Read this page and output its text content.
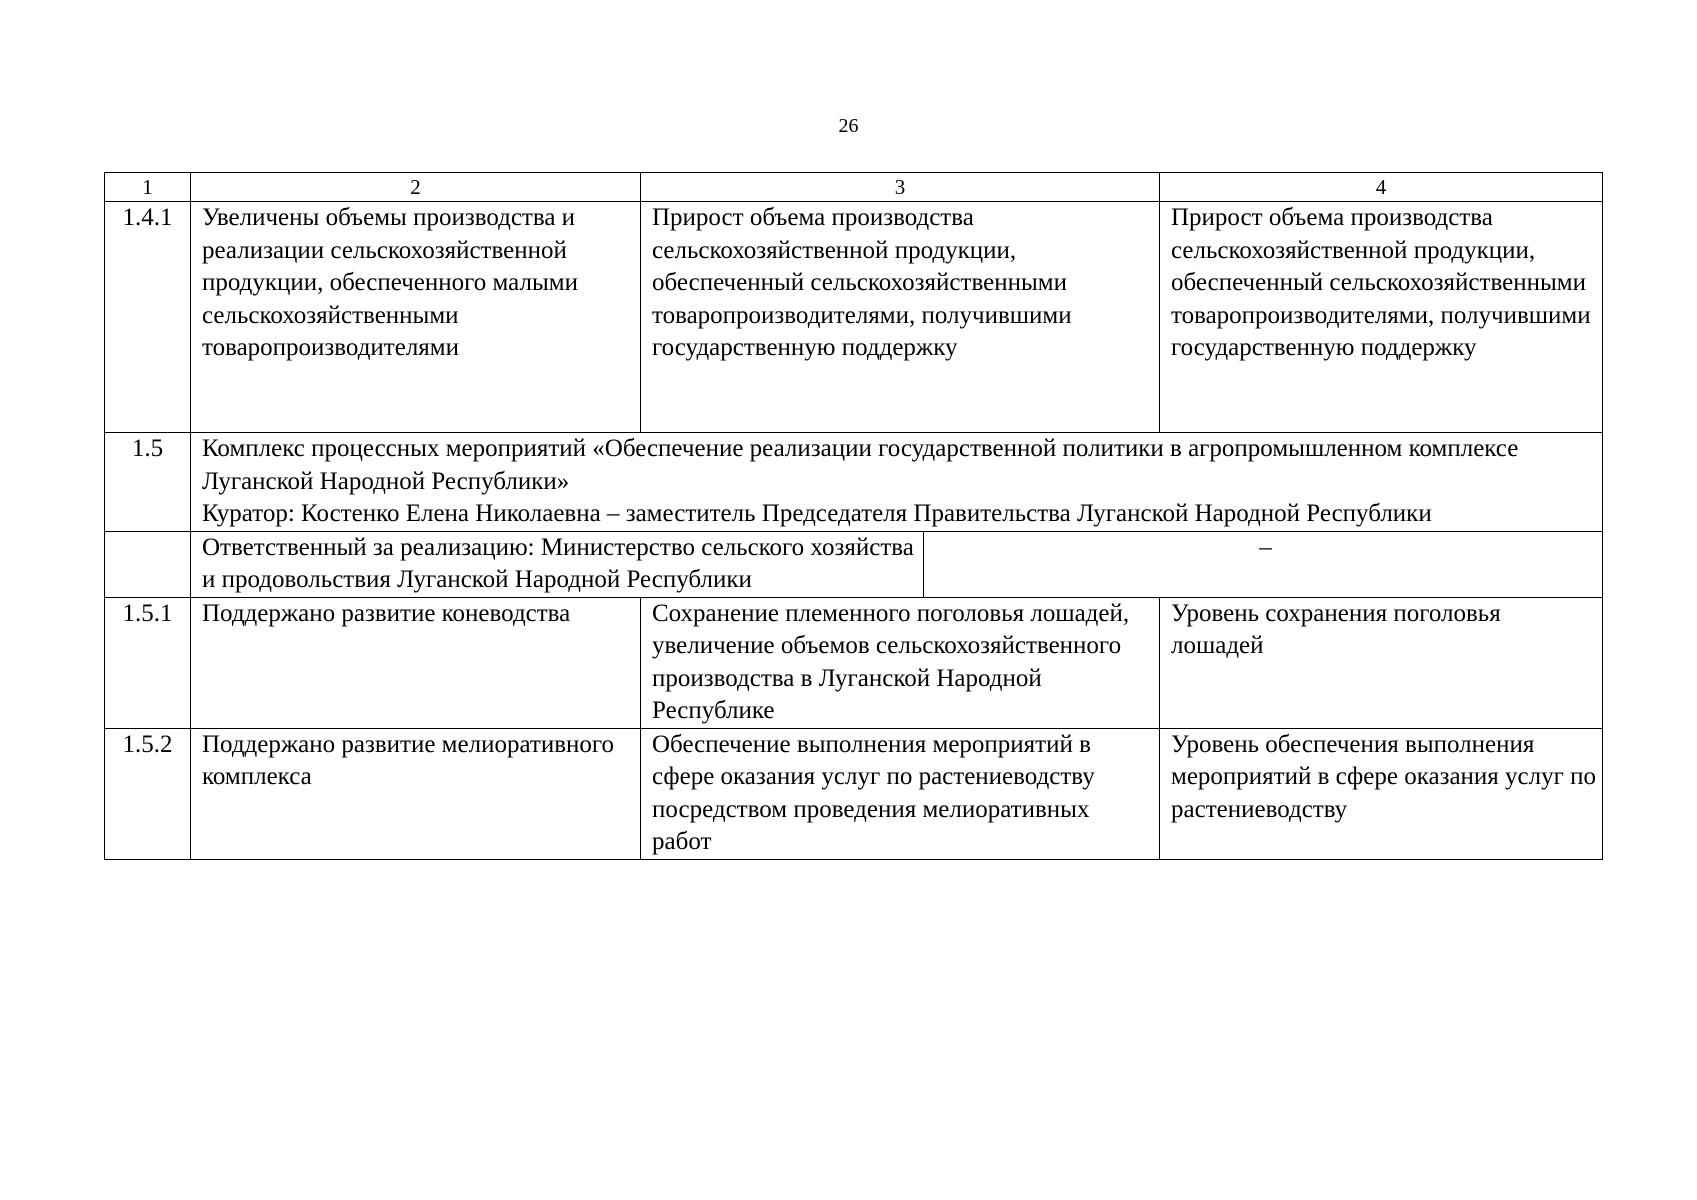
26
1	2	3		4
1.4.1	Увеличены объемы производства и реализации сельскохозяйственной продукции, обеспеченного малыми сельскохозяйственными товаропроизводителями	Прирост объема производства сельскохозяйственной продукции, обеспеченный сельскохозяйственными товаропроизводителями, получившими государственную поддержку		Прирост объема производства сельскохозяйственной продукции, обеспеченный сельскохозяйственными товаропроизводителями, получившими государственную поддержку
1.5	Комплекс процессных мероприятий «Обеспечение реализации государственной политики в агропромышленном комплексе Луганской Народной Республики»
Куратор: Костенко Елена Николаевна – заместитель Председателя Правительства Луганской Народной Республики			

	Ответственный за реализацию: Министерство сельского хозяйства и продовольствия Луганской Народной Республики		–	
1.5.1	Поддержано развитие коневодства	Сохранение племенного поголовья лошадей, увеличение объемов сельскохозяйственного производства в Луганской Народной Республике		Уровень сохранения поголовья лошадей
1.5.2	Поддержано развитие мелиоративного комплекса	Обеспечение выполнения мероприятий в сфере оказания услуг по растениеводству посредством проведения мелиоративных работ		Уровень обеспечения выполнения мероприятий в сфере оказания услуг по растениеводству
